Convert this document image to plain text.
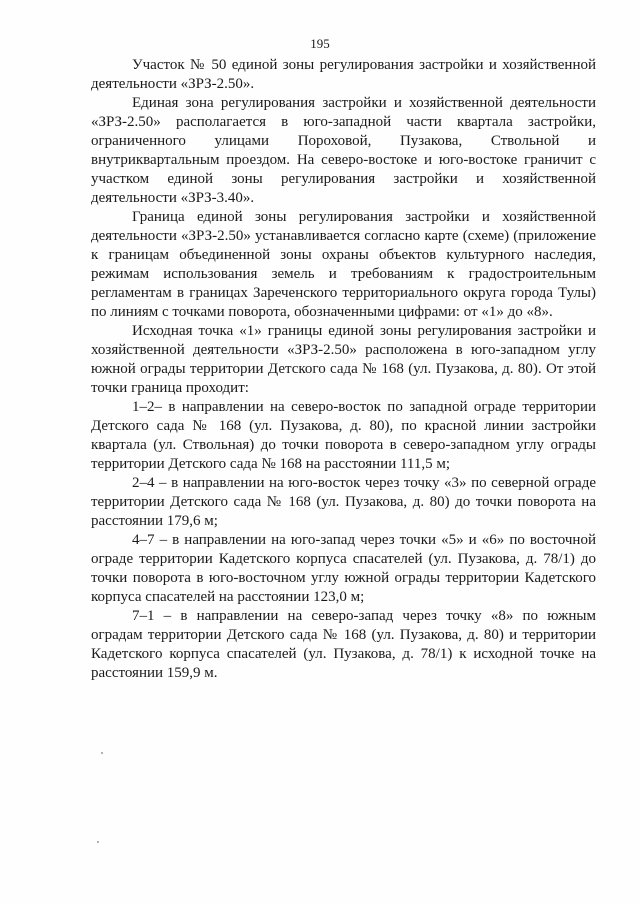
195

Участок № 50 единой зоны регулирования застройки и хозяйственной деятельности «ЗРЗ-2.50».

Единая зона регулирования застройки и хозяйственной деятельности «ЗРЗ-2.50» располагается в юго-западной части квартала застройки, ограниченного улицами Пороховой, Пузакова, Ствольной и внутриквартальным проездом. На северо-востоке и юго-востоке граничит с участком единой зоны регулирования застройки и хозяйственной деятельности «ЗРЗ-3.40».

Граница единой зоны регулирования застройки и хозяйственной деятельности «ЗРЗ-2.50» устанавливается согласно карте (схеме) (приложение к границам объединенной зоны охраны объектов культурного наследия, режимам использования земель и требованиям к градостроительным регламентам в границах Зареченского территориального округа города Тулы) по линиям с точками поворота, обозначенными цифрами: от «1» до «8».

Исходная точка «1» границы единой зоны регулирования застройки и хозяйственной деятельности «ЗРЗ-2.50» расположена в юго-западном углу южной ограды территории Детского сада № 168 (ул. Пузакова, д. 80). От этой точки граница проходит:

1–2– в направлении на северо-восток по западной ограде территории Детского сада № 168 (ул. Пузакова, д. 80), по красной линии застройки квартала (ул. Ствольная) до точки поворота в северо-западном углу ограды территории Детского сада № 168 на расстоянии 111,5 м;

2–4 – в направлении на юго-восток через точку «3» по северной ограде территории Детского сада № 168 (ул. Пузакова, д. 80) до точки поворота на расстоянии 179,6 м;

4–7 – в направлении на юго-запад через точки «5» и «6» по восточной ограде территории Кадетского корпуса спасателей (ул. Пузакова, д. 78/1) до точки поворота в юго-восточном углу южной ограды территории Кадетского корпуса спасателей на расстоянии 123,0 м;

7–1 – в направлении на северо-запад через точку «8» по южным оградам территории Детского сада № 168 (ул. Пузакова, д. 80) и территории Кадетского корпуса спасателей (ул. Пузакова, д. 78/1) к исходной точке на расстоянии 159,9 м.
